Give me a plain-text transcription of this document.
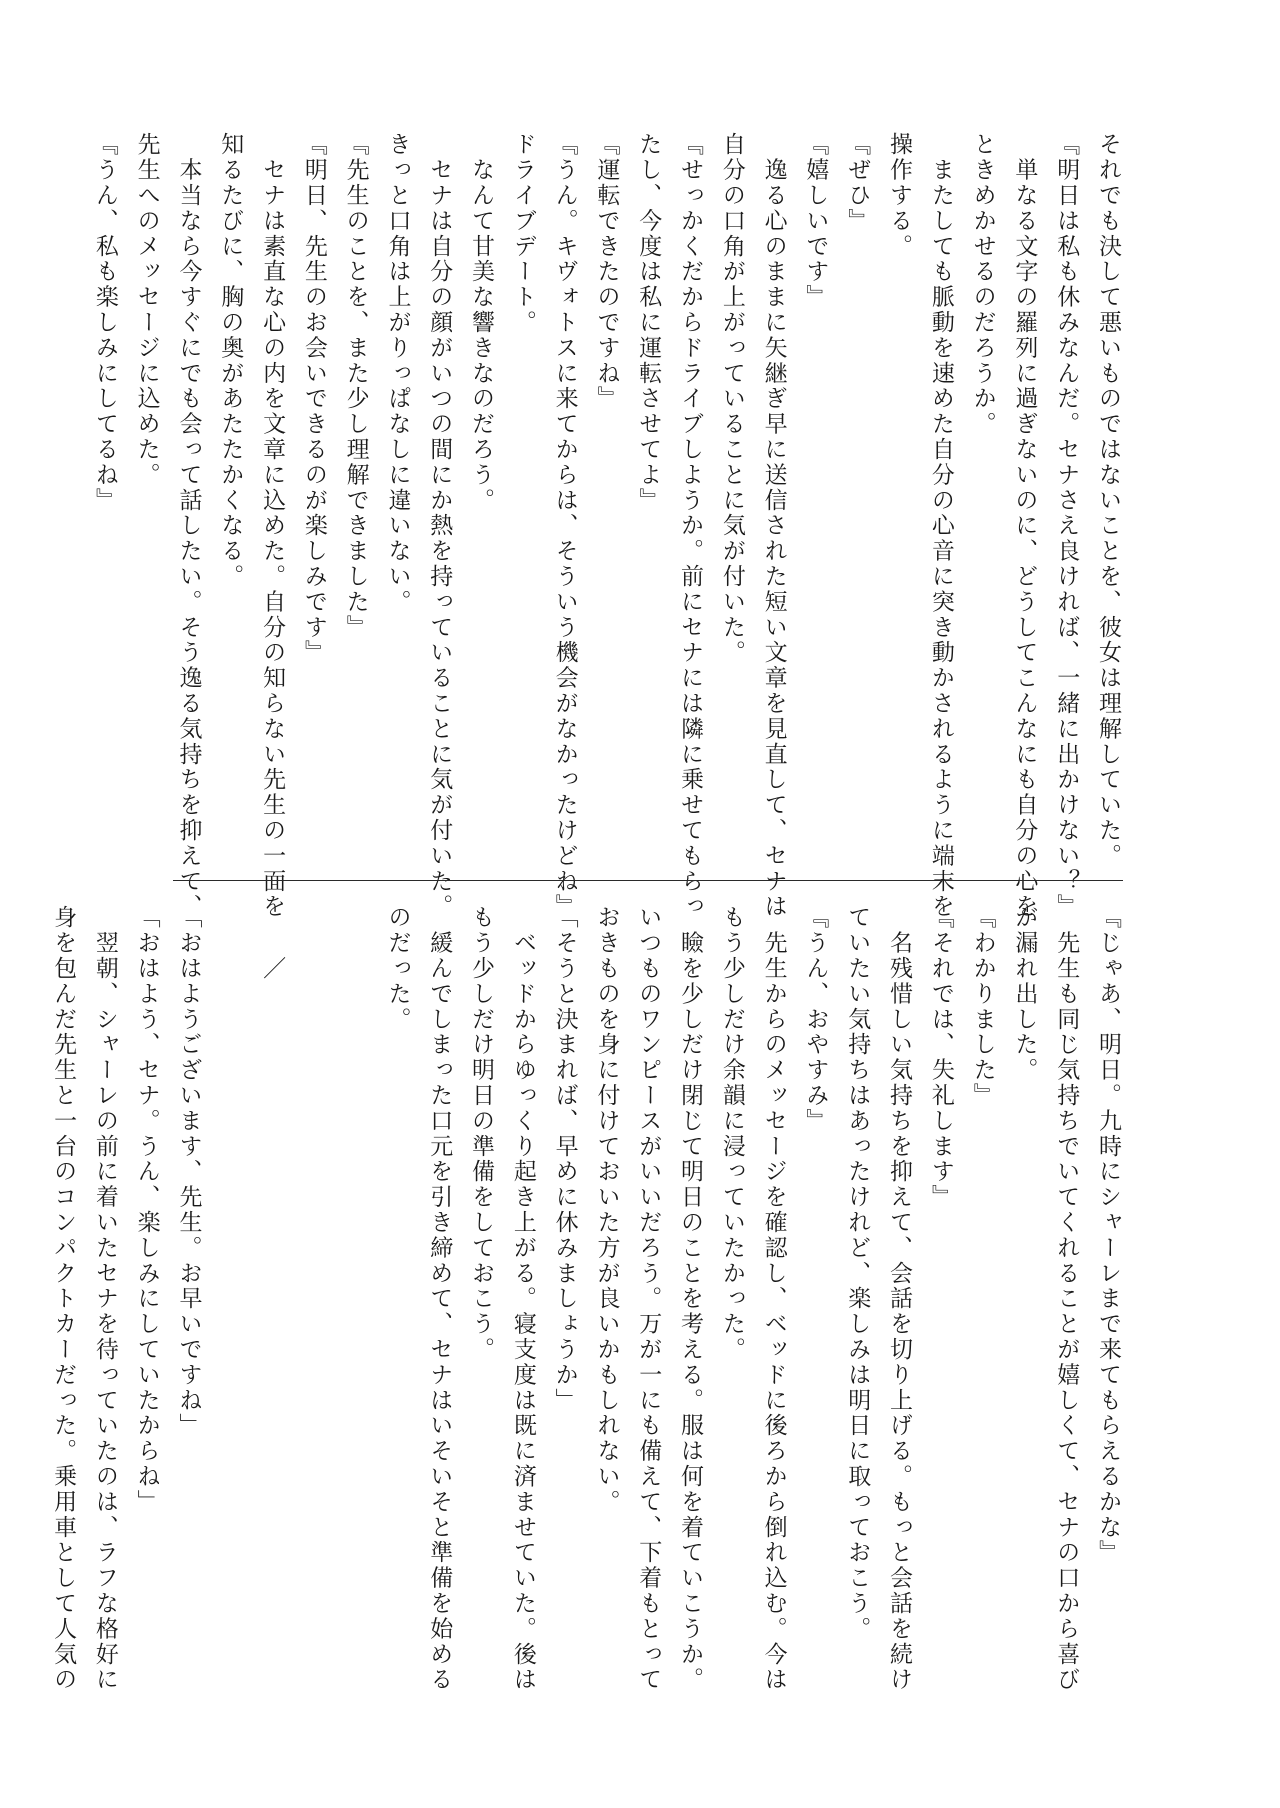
それでも決して悪いものではないことを、彼女は理解していた。

『明日は私も休みなんだ。セナさえ良ければ、一緒に出かけない？』

　単なる文字の羅列に過ぎないのに、どうしてこんなにも自分の心を

ときめかせるのだろうか。

　またしても脈動を速めた自分の心音に突き動かされるように端末を

操作する。

『ぜひ』

『嬉しいです』

　逸る心のままに矢継ぎ早に送信された短い文章を見直して、セナは

自分の口角が上がっていることに気が付いた。

『せっかくだからドライブしようか。前にセナには隣に乗せてもらっ

たし、今度は私に運転させてよ』

『運転できたのですね』

『うん。キヴォトスに来てからは、そういう機会がなかったけどね』

ドライブデート。

　なんて甘美な響きなのだろう。

　セナは自分の顔がいつの間にか熱を持っていることに気が付いた。

きっと口角は上がりっぱなしに違いない。

『先生のことを、また少し理解できました』

『明日、先生のお会いできるのが楽しみです』

　セナは素直な心の内を文章に込めた。自分の知らない先生の一面を

知るたびに、胸の奥があたたかくなる。

　本当なら今すぐにでも会って話したい。そう逸る気持ちを抑えて、

先生へのメッセージに込めた。

『うん、私も楽しみにしてるね』

『じゃあ、明日。九時にシャーレまで来てもらえるかな』

　先生も同じ気持ちでいてくれることが嬉しくて、セナの口から喜び

が漏れ出した。

『わかりました』

『それでは、失礼します』

　名残惜しい気持ちを抑えて、会話を切り上げる。もっと会話を続け

ていたい気持ちはあったけれど、楽しみは明日に取っておこう。

『うん、おやすみ』

　先生からのメッセージを確認し、ベッドに後ろから倒れ込む。今は

もう少しだけ余韻に浸っていたかった。

　瞼を少しだけ閉じて明日のことを考える。服は何を着ていこうか。

いつものワンピースがいいだろう。万が一にも備えて、下着もとって

おきものを身に付けておいた方が良いかもしれない。

「そうと決まれば、早めに休みましょうか」

　ベッドからゆっくり起き上がる。寝支度は既に済ませていた。後は

もう少しだけ明日の準備をしておこう。

　緩んでしまった口元を引き締めて、セナはいそいそと準備を始める

のだった。

　　／

「おはようございます、先生。お早いですね」

「おはよう、セナ。うん、楽しみにしていたからね」

　翌朝、シャーレの前に着いたセナを待っていたのは、ラフな格好に

身を包んだ先生と一台のコンパクトカーだった。乗用車として人気の
